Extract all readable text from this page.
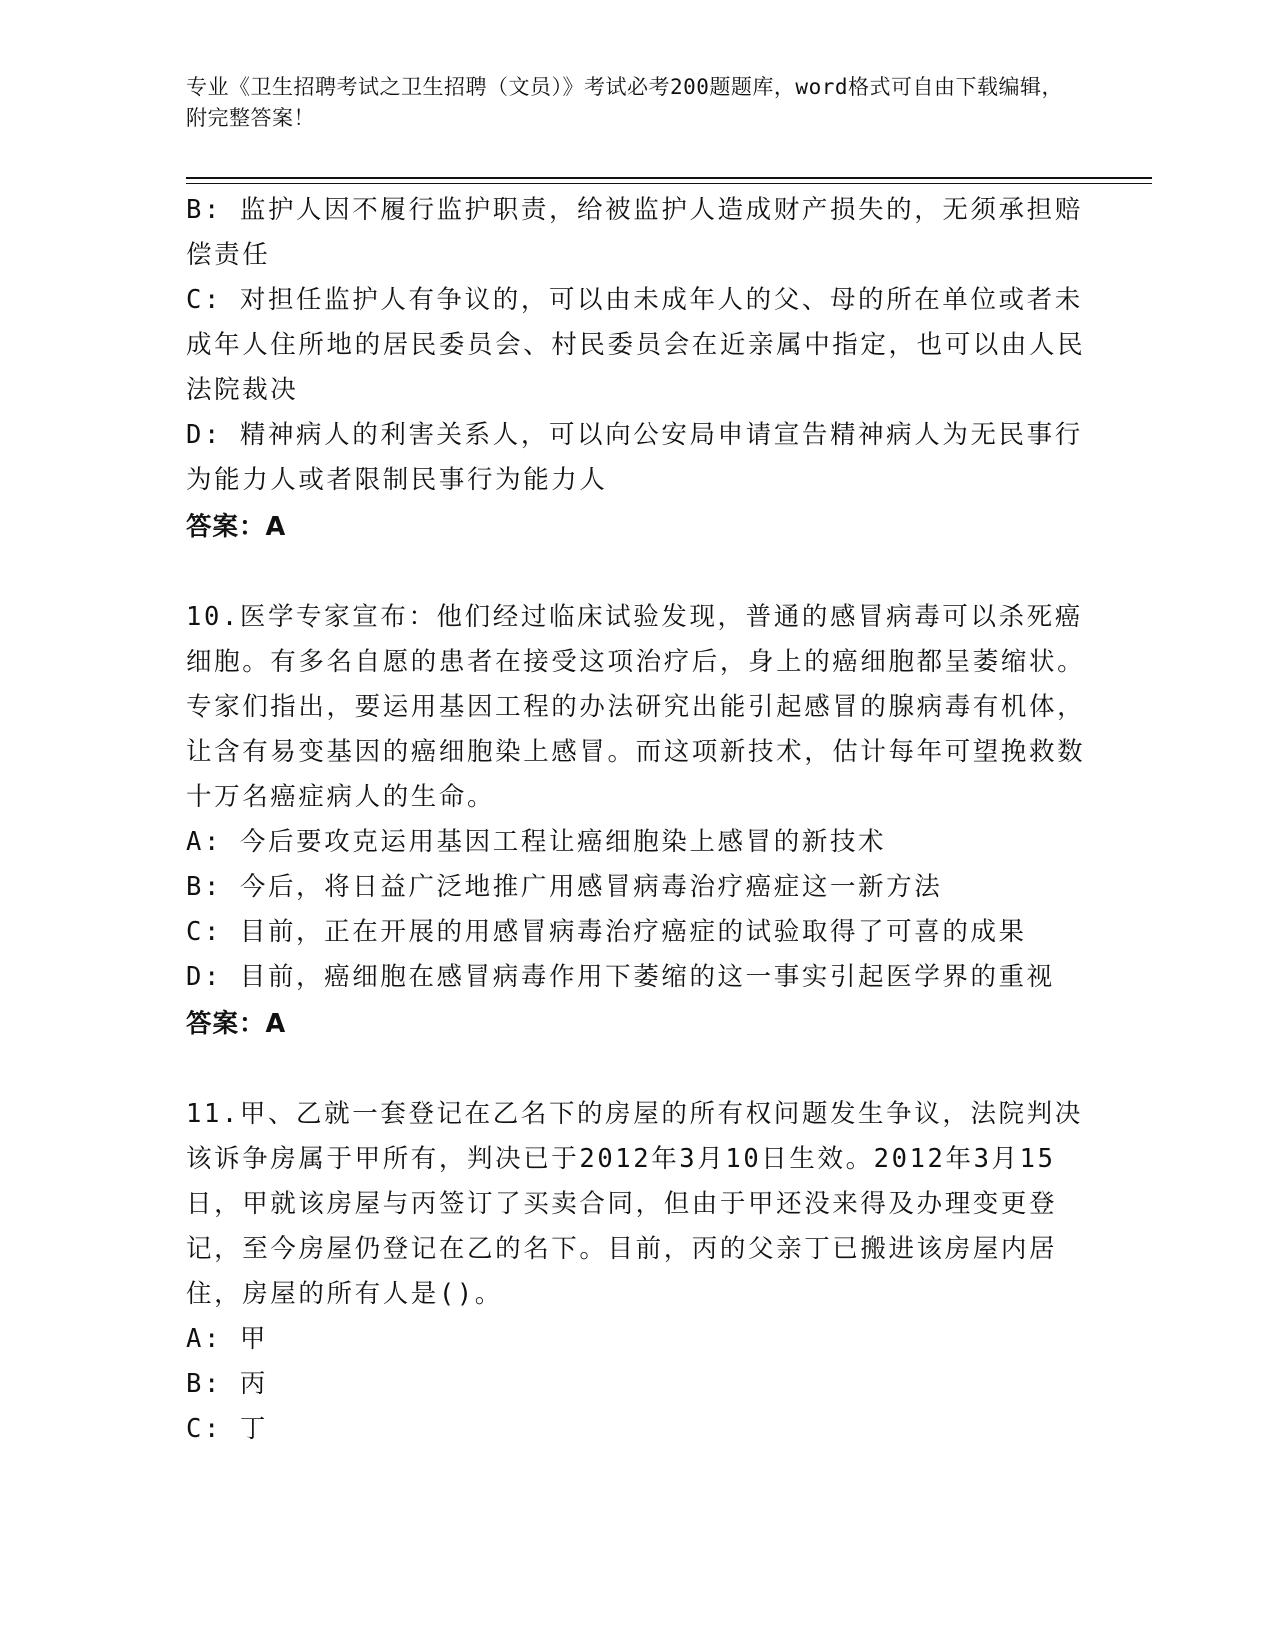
专业《卫生招聘考试之卫生招聘（文员）》考试必考200题题库，word格式可自由下载编辑，附完整答案！

B: 监护人因不履行监护职责，给被监护人造成财产损失的，无须承担赔偿责任

C: 对担任监护人有争议的，可以由未成年人的父、母的所在单位或者未成年人住所地的居民委员会、村民委员会在近亲属中指定，也可以由人民法院裁决

D: 精神病人的利害关系人，可以向公安局申请宣告精神病人为无民事行为能力人或者限制民事行为能力人

答案：A

10.医学专家宣布：他们经过临床试验发现，普通的感冒病毒可以杀死癌细胞。有多名自愿的患者在接受这项治疗后，身上的癌细胞都呈萎缩状。专家们指出，要运用基因工程的办法研究出能引起感冒的腺病毒有机体，让含有易变基因的癌细胞染上感冒。而这项新技术，估计每年可望挽救数十万名癌症病人的生命。

A: 今后要攻克运用基因工程让癌细胞染上感冒的新技术

B: 今后，将日益广泛地推广用感冒病毒治疗癌症这一新方法

C: 目前，正在开展的用感冒病毒治疗癌症的试验取得了可喜的成果

D: 目前，癌细胞在感冒病毒作用下萎缩的这一事实引起医学界的重视

答案：A

11.甲、乙就一套登记在乙名下的房屋的所有权问题发生争议，法院判决该诉争房属于甲所有，判决已于2012年3月10日生效。2012年3月15日，甲就该房屋与丙签订了买卖合同，但由于甲还没来得及办理变更登记，至今房屋仍登记在乙的名下。目前，丙的父亲丁已搬进该房屋内居住，房屋的所有人是()。

A: 甲

B: 丙

C: 丁
